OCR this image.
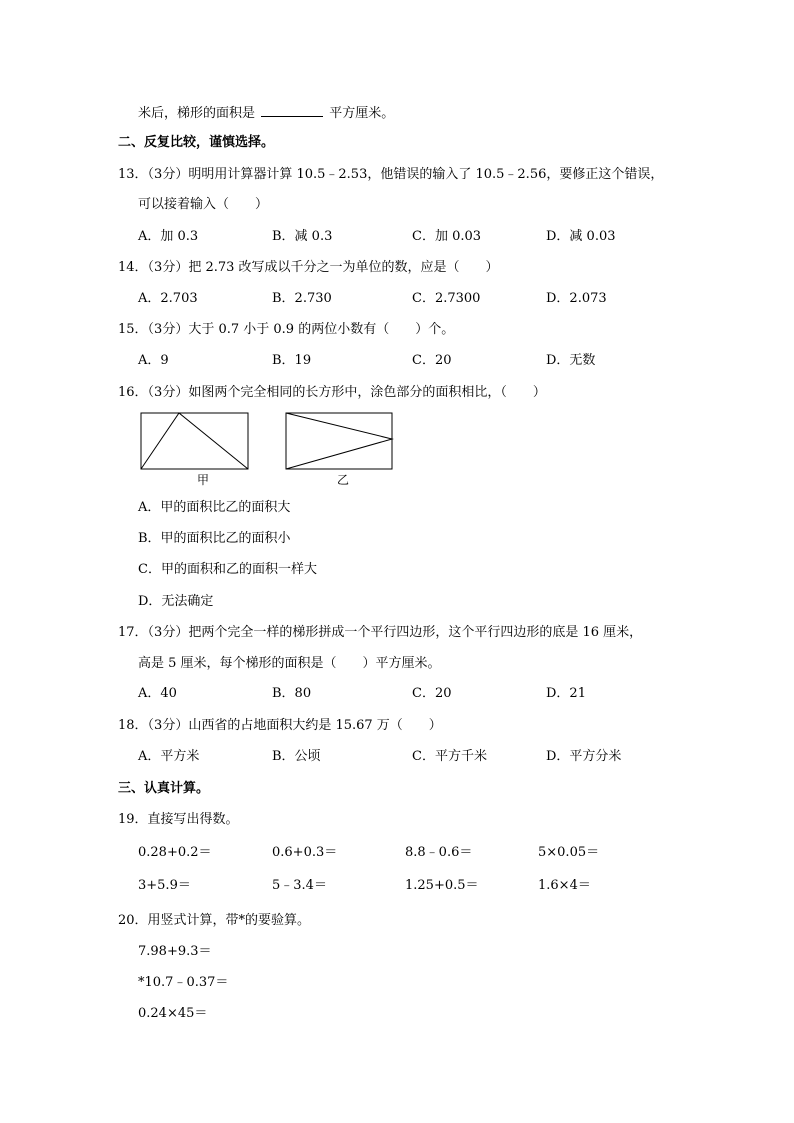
米后，梯形的面积是	平方厘米。
二、反复比较，谨慎选择。
13．（3分）明明用计算器计算 10.5﹣2.53，他错误的输入了 10.5﹣2.56，要修正这个错误，
可以接着输入（　　）
A．加 0.3	B．减 0.3	C．加 0.03	D．减 0.03
14．（3分）把 2.73 改写成以千分之一为单位的数，应是（　　）
A．2.703	B．2.730	C．2.7300	D．2.073
15．（3分）大于 0.7 小于 0.9 的两位小数有（　　）个。
A．9	B．19	C．20	D．无数
16．（3分）如图两个完全相同的长方形中，涂色部分的面积相比，（　　）
甲	乙
A．甲的面积比乙的面积大
B．甲的面积比乙的面积小
C．甲的面积和乙的面积一样大
D．无法确定
17．（3分）把两个完全一样的梯形拼成一个平行四边形，这个平行四边形的底是 16 厘米，
高是 5 厘米，每个梯形的面积是（　　）平方厘米。
A．40	B．80	C．20	D．21
18．（3分）山西省的占地面积大约是 15.67 万（　　）
A．平方米	B．公顷	C．平方千米	D．平方分米
三、认真计算。
19．直接写出得数。
0.28+0.2＝	0.6+0.3＝	8.8﹣0.6＝	5×0.05＝
3+5.9＝	5﹣3.4＝	1.25+0.5＝	1.6×4＝
20．用竖式计算，带*的要验算。
7.98+9.3＝
*10.7﹣0.37＝
0.24×45＝
